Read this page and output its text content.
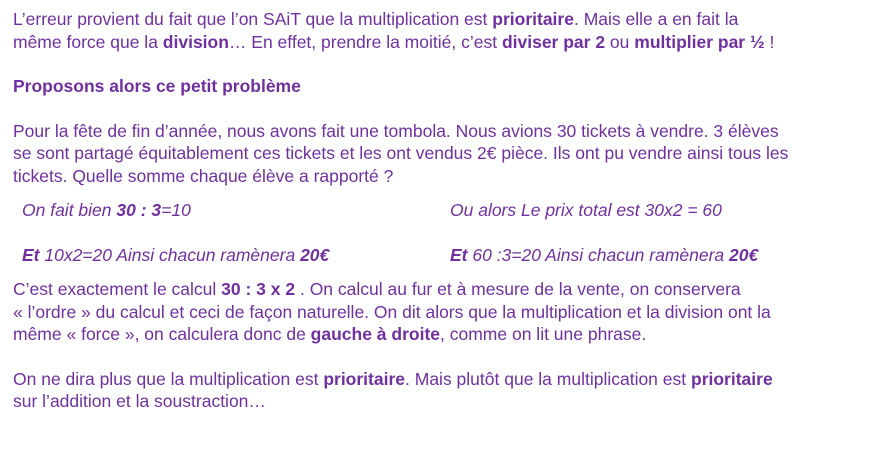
L’erreur provient du fait que l’on SAiT que la multiplication est prioritaire. Mais elle a en fait la

même force que la division… En effet, prendre la moitié, c’est diviser par 2 ou multiplier par ½ !

Proposons alors ce petit problème

Pour la fête de fin d’année, nous avons fait une tombola. Nous avions 30 tickets à vendre. 3 élèves

se sont partagé équitablement ces tickets et les ont vendus 2€ pièce. Ils ont pu vendre ainsi tous les

tickets. Quelle somme chaque élève a rapporté ?

On fait bien 30 : 3=10	Ou alors Le prix total est 30x2 = 60
Et 10x2=20 Ainsi chacun ramènera 20€	Et 60 :3=20 Ainsi chacun ramènera 20€

C’est exactement le calcul 30 : 3 x 2 . On calcul au fur et à mesure de la vente, on conservera

« l’ordre » du calcul et ceci de façon naturelle. On dit alors que la multiplication et la division ont la

même « force », on calculera donc de gauche à droite, comme on lit une phrase.

On ne dira plus que la multiplication est prioritaire. Mais plutôt que la multiplication est prioritaire

sur l’addition et la soustraction…
